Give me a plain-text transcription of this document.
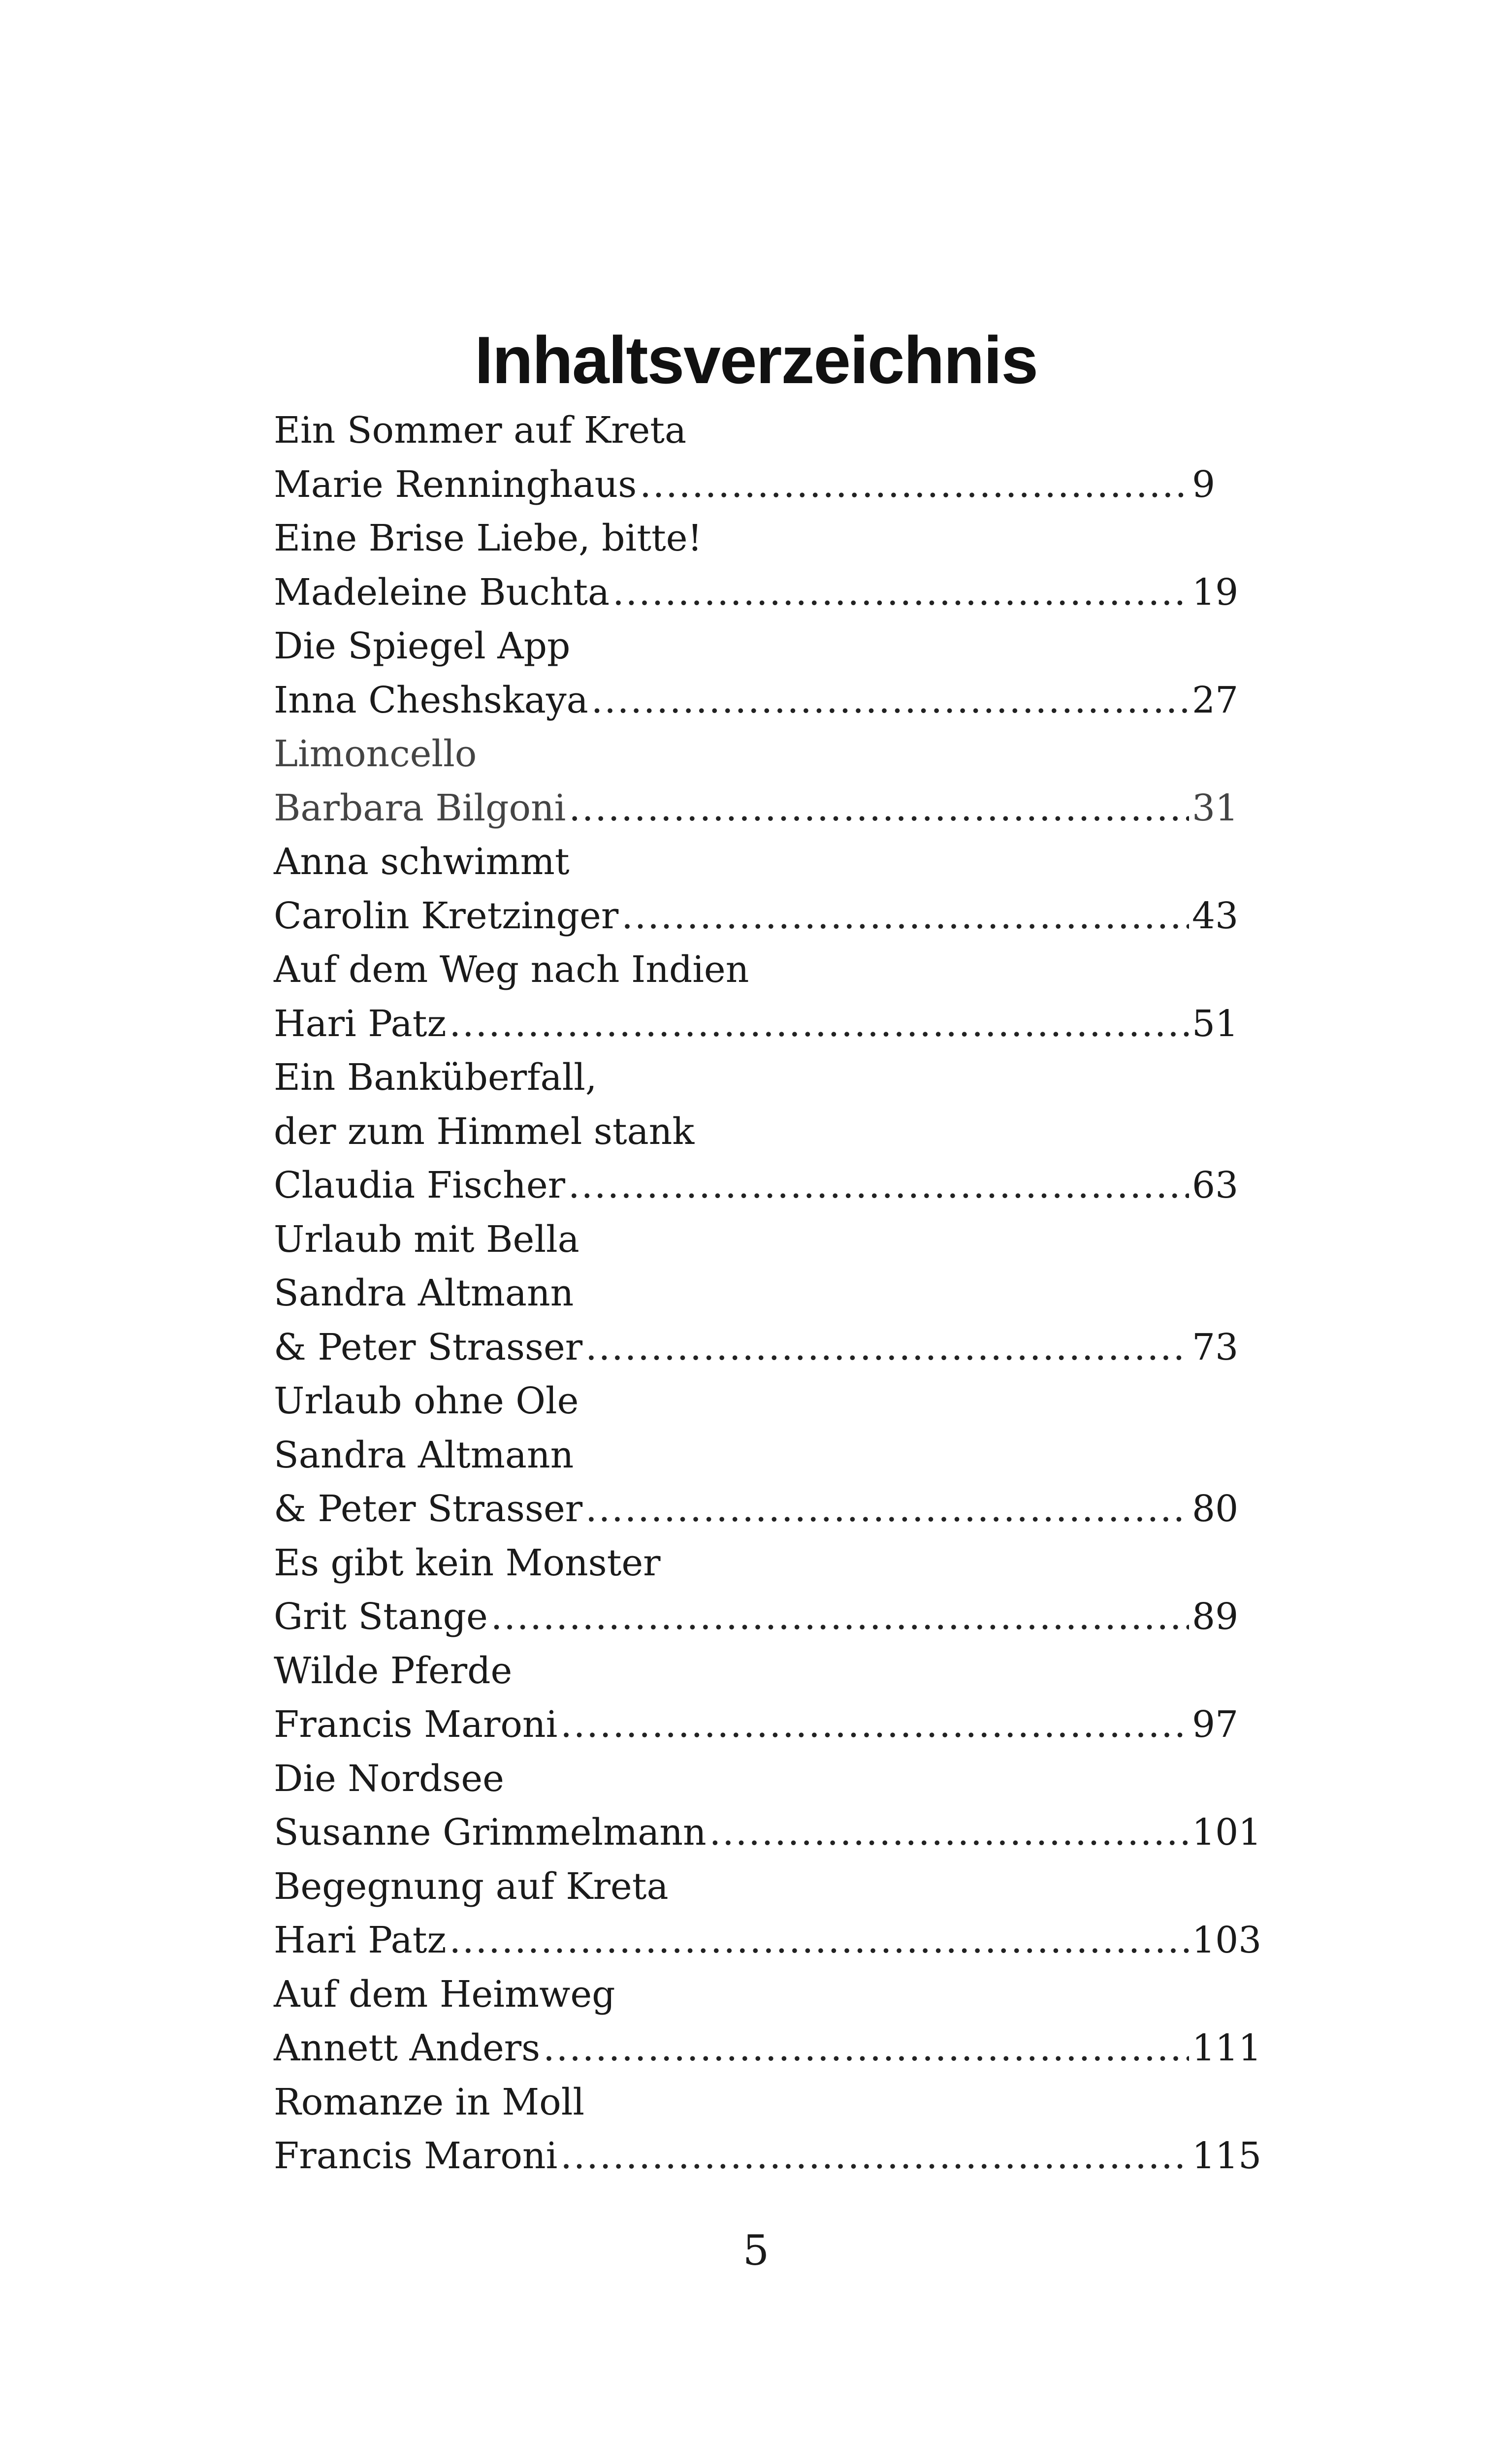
Inhaltsverzeichnis
Ein Sommer auf Kreta
Marie Renninghaus .....	9
Eine Brise Liebe, bitte!
Madeleine Buchta .....	19
Die Spiegel App
Inna Cheshskaya .....	27
Limoncello
Barbara Bilgoni .....	31
Anna schwimmt
Carolin Kretzinger .....	43
Auf dem Weg nach Indien
Hari Patz .....	51
Ein Banküberfall,
der zum Himmel stank
Claudia Fischer .....	63
Urlaub mit Bella
Sandra Altmann
& Peter Strasser .....	73
Urlaub ohne Ole
Sandra Altmann
& Peter Strasser .....	80
Es gibt kein Monster
Grit Stange .....	89
Wilde Pferde
Francis Maroni .....	97
Die Nordsee
Susanne Grimmelmann .....	101
Begegnung auf Kreta
Hari Patz .....	103
Auf dem Heimweg
Annett Anders .....	111
Romanze in Moll
Francis Maroni .....	115
5
